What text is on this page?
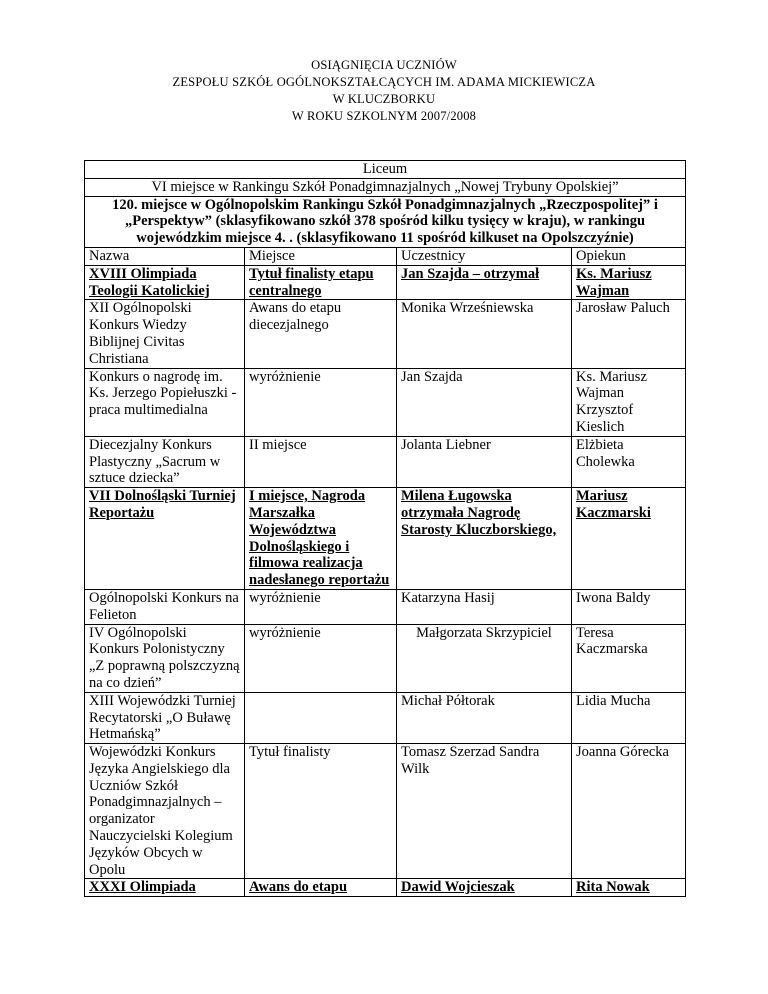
OSIĄGNIĘCIA UCZNIÓW
ZESPOŁU SZKÓŁ OGÓLNOKSZTAŁCĄCYCH IM. ADAMA MICKIEWICZA
W KLUCZBORKU
W ROKU SZKOLNYM 2007/2008
Liceum			
VI miejsce w Rankingu Szkół Ponadgimnazjalnych „Nowej Trybuny Opolskiej”			
120. miejsce w Ogólnopolskim Rankingu Szkół Ponadgimnazjalnych „Rzeczpospolitej” i „Perspektyw” (sklasyfikowano szkół 378 spośród kilku tysięcy w kraju), w rankingu wojewódzkim miejsce 4. . (sklasyfikowano 11 spośród kilkuset na Opolszczyźnie)			
Nazwa	Miejsce	Uczestnicy	Opiekun
XVIII Olimpiada Teologii Katolickiej	Tytuł finalisty etapu centralnego	Jan Szajda – otrzymał	Ks. Mariusz Wajman
XII Ogólnopolski Konkurs Wiedzy Biblijnej Civitas Christiana	Awans do etapu diecezjalnego	Monika Wrześniewska	Jarosław Paluch
Konkurs o nagrodę im. Ks. Jerzego Popiełuszki - praca multimedialna	wyróżnienie	Jan Szajda	Ks. Mariusz Wajman Krzysztof Kieslich
Diecezjalny Konkurs Plastyczny „Sacrum w sztuce dziecka”	II miejsce	Jolanta Liebner	Elżbieta Cholewka
VII Dolnośląski Turniej Reportażu	I miejsce, Nagroda Marszałka Województwa Dolnośląskiego i filmowa realizacja nadesłanego reportażu	Milena Ługowska otrzymała Nagrodę Starosty Kluczborskiego,	Mariusz Kaczmarski
Ogólnopolski Konkurs na Felieton	wyróżnienie	Katarzyna Hasij	Iwona Baldy
IV Ogólnopolski Konkurs Polonistyczny „Z poprawną polszczyzną na co dzień”	wyróżnienie	Małgorzata Skrzypiciel	Teresa Kaczmarska
XIII Wojewódzki Turniej Recytatorski „O Buławę Hetmańską”		Michał Półtorak	Lidia Mucha
Wojewódzki Konkurs Języka Angielskiego dla Uczniów Szkół Ponadgimnazjalnych – organizator Nauczycielski Kolegium Języków Obcych w Opolu	Tytuł finalisty	Tomasz Szerzad Sandra Wilk	Joanna Górecka
XXXI Olimpiada	Awans do etapu	Dawid Wojcieszak	Rita Nowak
